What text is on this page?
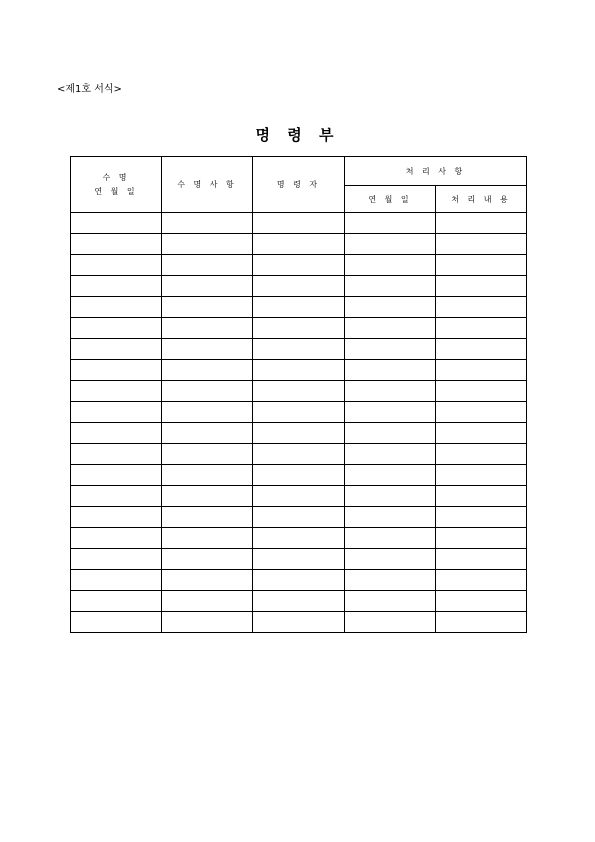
<제1호 서식>
명 령 부
수 명
연 월 일	수 명 사 항	명 령 자	처 리 사 항	
			연 월 일	처 리 내 용
